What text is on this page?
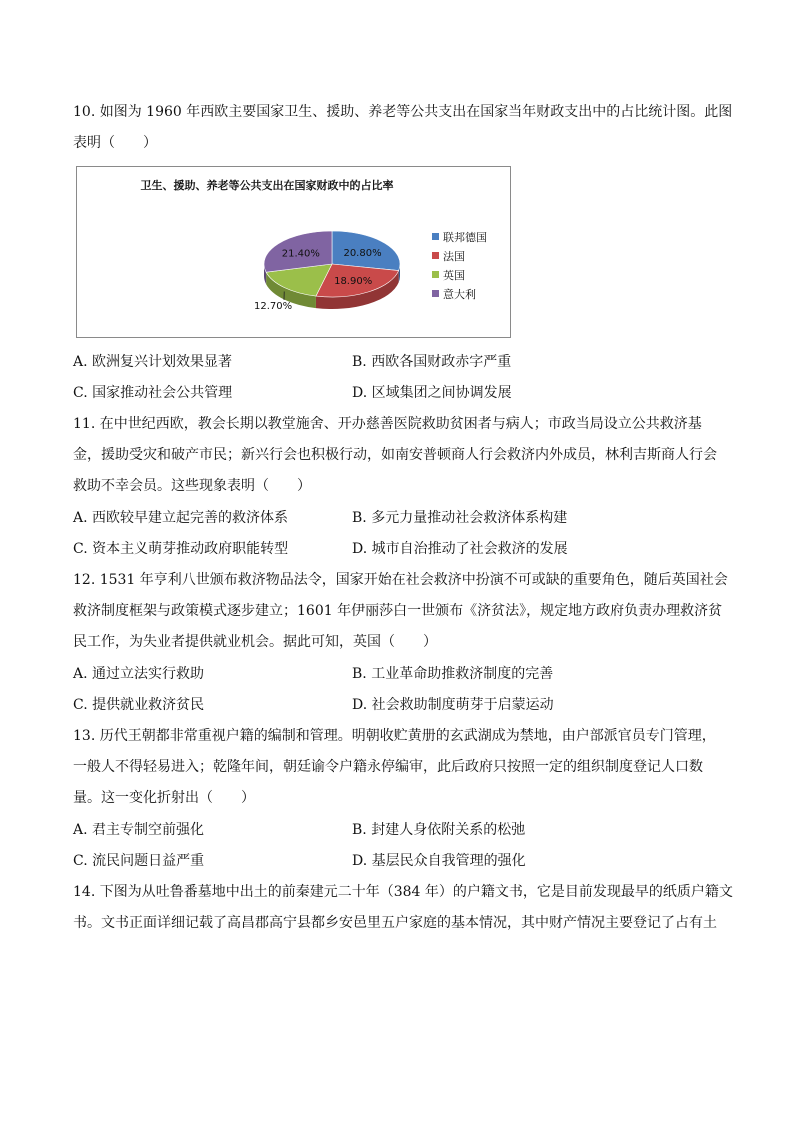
10. 如图为 1960 年西欧主要国家卫生、援助、养老等公共支出在国家当年财政支出中的占比统计图。此图
表明（　　）
卫生、援助、养老等公共支出在国家财政中的占比率
20.80%
18.90%
12.70%
21.40%
联邦德国
法国
英国
意大利
A. 欧洲复兴计划效果显著	B. 西欧各国财政赤字严重
C. 国家推动社会公共管理	D. 区域集团之间协调发展
11. 在中世纪西欧，教会长期以教堂施舍、开办慈善医院救助贫困者与病人；市政当局设立公共救济基
金，援助受灾和破产市民；新兴行会也积极行动，如南安普顿商人行会救济内外成员，林利吉斯商人行会
救助不幸会员。这些现象表明（　　）
A. 西欧较早建立起完善的救济体系	B. 多元力量推动社会救济体系构建
C. 资本主义萌芽推动政府职能转型	D. 城市自治推动了社会救济的发展
12. 1531 年亨利八世颁布救济物品法令，国家开始在社会救济中扮演不可或缺的重要角色，随后英国社会
救济制度框架与政策模式逐步建立；1601 年伊丽莎白一世颁布《济贫法》，规定地方政府负责办理救济贫
民工作，为失业者提供就业机会。据此可知，英国（　　）
A. 通过立法实行救助	B. 工业革命助推救济制度的完善
C. 提供就业救济贫民	D. 社会救助制度萌芽于启蒙运动
13. 历代王朝都非常重视户籍的编制和管理。明朝收贮黄册的玄武湖成为禁地，由户部派官员专门管理，
一般人不得轻易进入；乾隆年间，朝廷谕令户籍永停编审，此后政府只按照一定的组织制度登记人口数
量。这一变化折射出（　　）
A. 君主专制空前强化	B. 封建人身依附关系的松弛
C. 流民问题日益严重	D. 基层民众自我管理的强化
14. 下图为从吐鲁番墓地中出土的前秦建元二十年（384 年）的户籍文书，它是目前发现最早的纸质户籍文
书。文书正面详细记载了高昌郡高宁县都乡安邑里五户家庭的基本情况，其中财产情况主要登记了占有土
